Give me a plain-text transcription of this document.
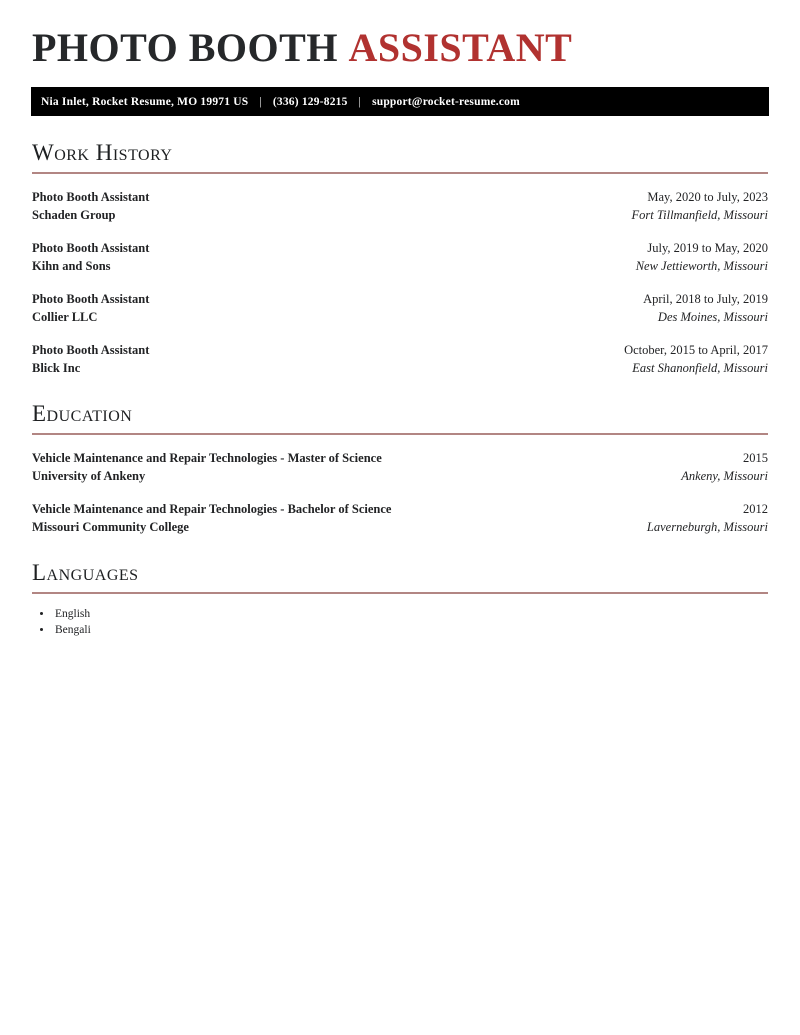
PHOTO BOOTH ASSISTANT
Nia Inlet, Rocket Resume, MO 19971 US | (336) 129-8215 | support@rocket-resume.com
Work History
Photo Booth Assistant
Schaden Group
May, 2020 to July, 2023
Fort Tillmanfield, Missouri
Photo Booth Assistant
Kihn and Sons
July, 2019 to May, 2020
New Jettieworth, Missouri
Photo Booth Assistant
Collier LLC
April, 2018 to July, 2019
Des Moines, Missouri
Photo Booth Assistant
Blick Inc
October, 2015 to April, 2017
East Shanonfield, Missouri
Education
Vehicle Maintenance and Repair Technologies - Master of Science
University of Ankeny
2015
Ankeny, Missouri
Vehicle Maintenance and Repair Technologies - Bachelor of Science
Missouri Community College
2012
Laverneburgh, Missouri
Languages
• English
• Bengali
